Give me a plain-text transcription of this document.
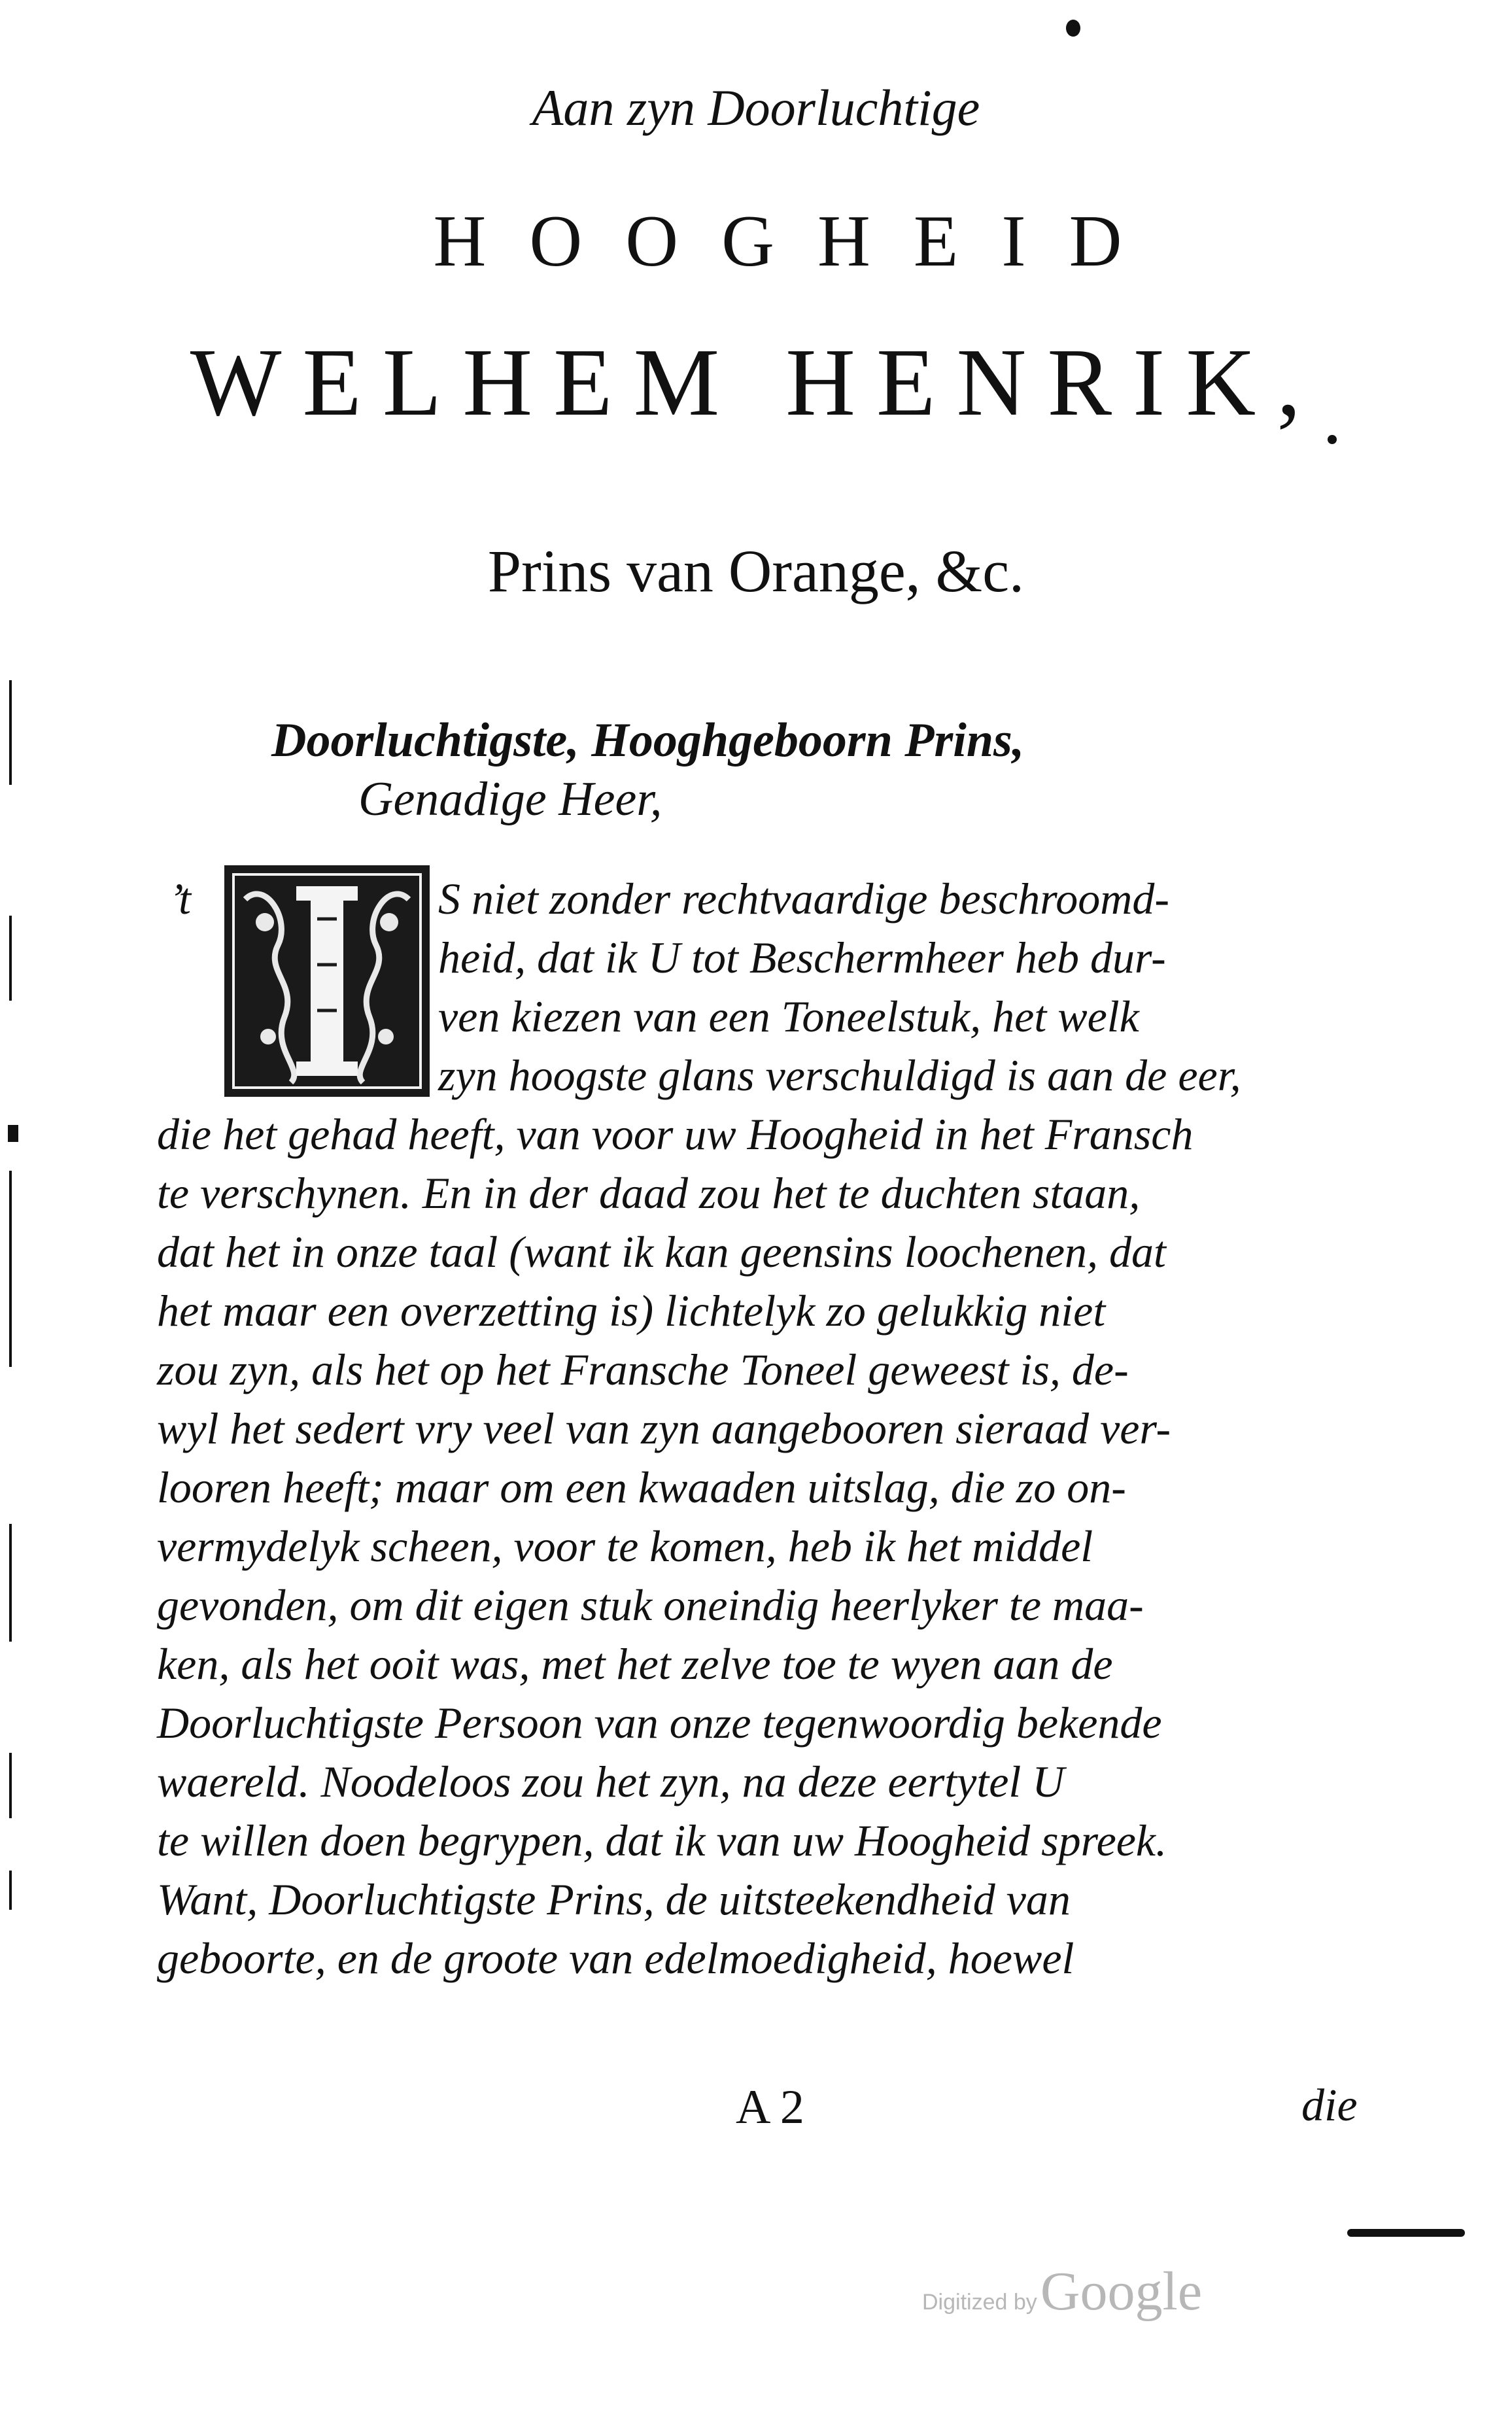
Aan zyn Doorluchtige
HOOGHEID
WELHEM HENRIK,
Prins van Orange, &c.
Doorluchtigste, Hooghgeboorn Prins,
Genadige Heer,
’t	S niet zonder rechtvaardige beschroomd-
heid, dat ik U tot Beschermheer heb dur-
ven kiezen van een Toneelstuk, het welk
zyn hoogste glans verschuldigd is aan de eer,
die het gehad heeft, van voor uw Hoogheid in het Fransch
te verschynen. En in der daad zou het te duchten staan,
dat het in onze taal (want ik kan geensins loochenen, dat
het maar een overzetting is) lichtelyk zo gelukkig niet
zou zyn, als het op het Fransche Toneel geweest is, de-
wyl het sedert vry veel van zyn aangebooren sieraad ver-
looren heeft; maar om een kwaaden uitslag, die zo on-
vermydelyk scheen, voor te komen, heb ik het middel
gevonden, om dit eigen stuk oneindig heerlyker te maa-
ken, als het ooit was, met het zelve toe te wyen aan de
Doorluchtigste Persoon van onze tegenwoordig bekende
waereld. Noodeloos zou het zyn, na deze eertytel U
te willen doen begrypen, dat ik van uw Hoogheid spreek.
Want, Doorluchtigste Prins, de uitsteekendheid van
geboorte, en de groote van edelmoedigheid, hoewel
A 2	die
Digitized by Google
